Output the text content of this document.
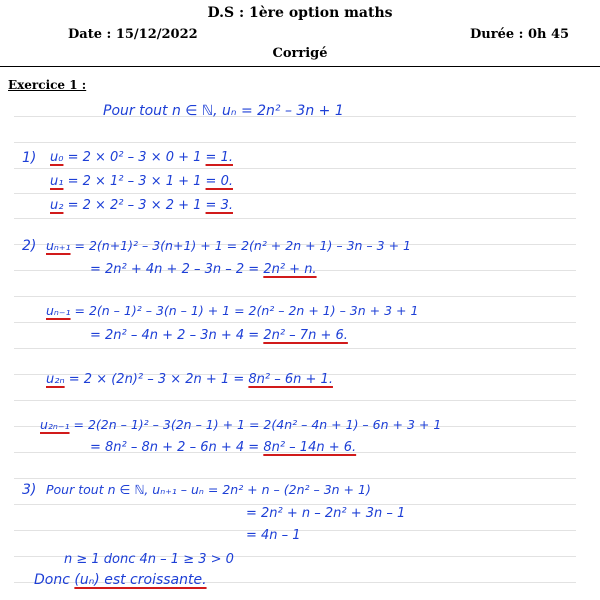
D.S : 1ère option maths
Date : 15/12/2022	Durée : 0h 45
Corrigé
Exercice 1 :
Pour tout n ∈ ℕ, uₙ = 2n² – 3n + 1
1) u₀ = 2 × 0² – 3 × 0 + 1 = 1.
u₁ = 2 × 1² – 3 × 1 + 1 = 0.
u₂ = 2 × 2² – 3 × 2 + 1 = 3.
2) uₙ₊₁ = 2(n+1)² – 3(n+1) + 1 = 2(n² + 2n + 1) – 3n – 3 + 1
= 2n² + 4n + 2 – 3n – 2 = 2n² + n.
uₙ₋₁ = 2(n – 1)² – 3(n – 1) + 1 = 2(n² – 2n + 1) – 3n + 3 + 1
= 2n² – 4n + 2 – 3n + 4 = 2n² – 7n + 6.
u₂ₙ = 2 × (2n)² – 3 × 2n + 1 = 8n² – 6n + 1.
u₂ₙ₋₁ = 2(2n – 1)² – 3(2n – 1) + 1 = 2(4n² – 4n + 1) – 6n + 3 + 1
= 8n² – 8n + 2 – 6n + 4 = 8n² – 14n + 6.
3) Pour tout n ∈ ℕ, uₙ₊₁ – uₙ = 2n² + n – (2n² – 3n + 1)
= 2n² + n – 2n² + 3n – 1
= 4n – 1
n ≥ 1 donc 4n – 1 ≥ 3 > 0
Donc (uₙ) est croissante.
